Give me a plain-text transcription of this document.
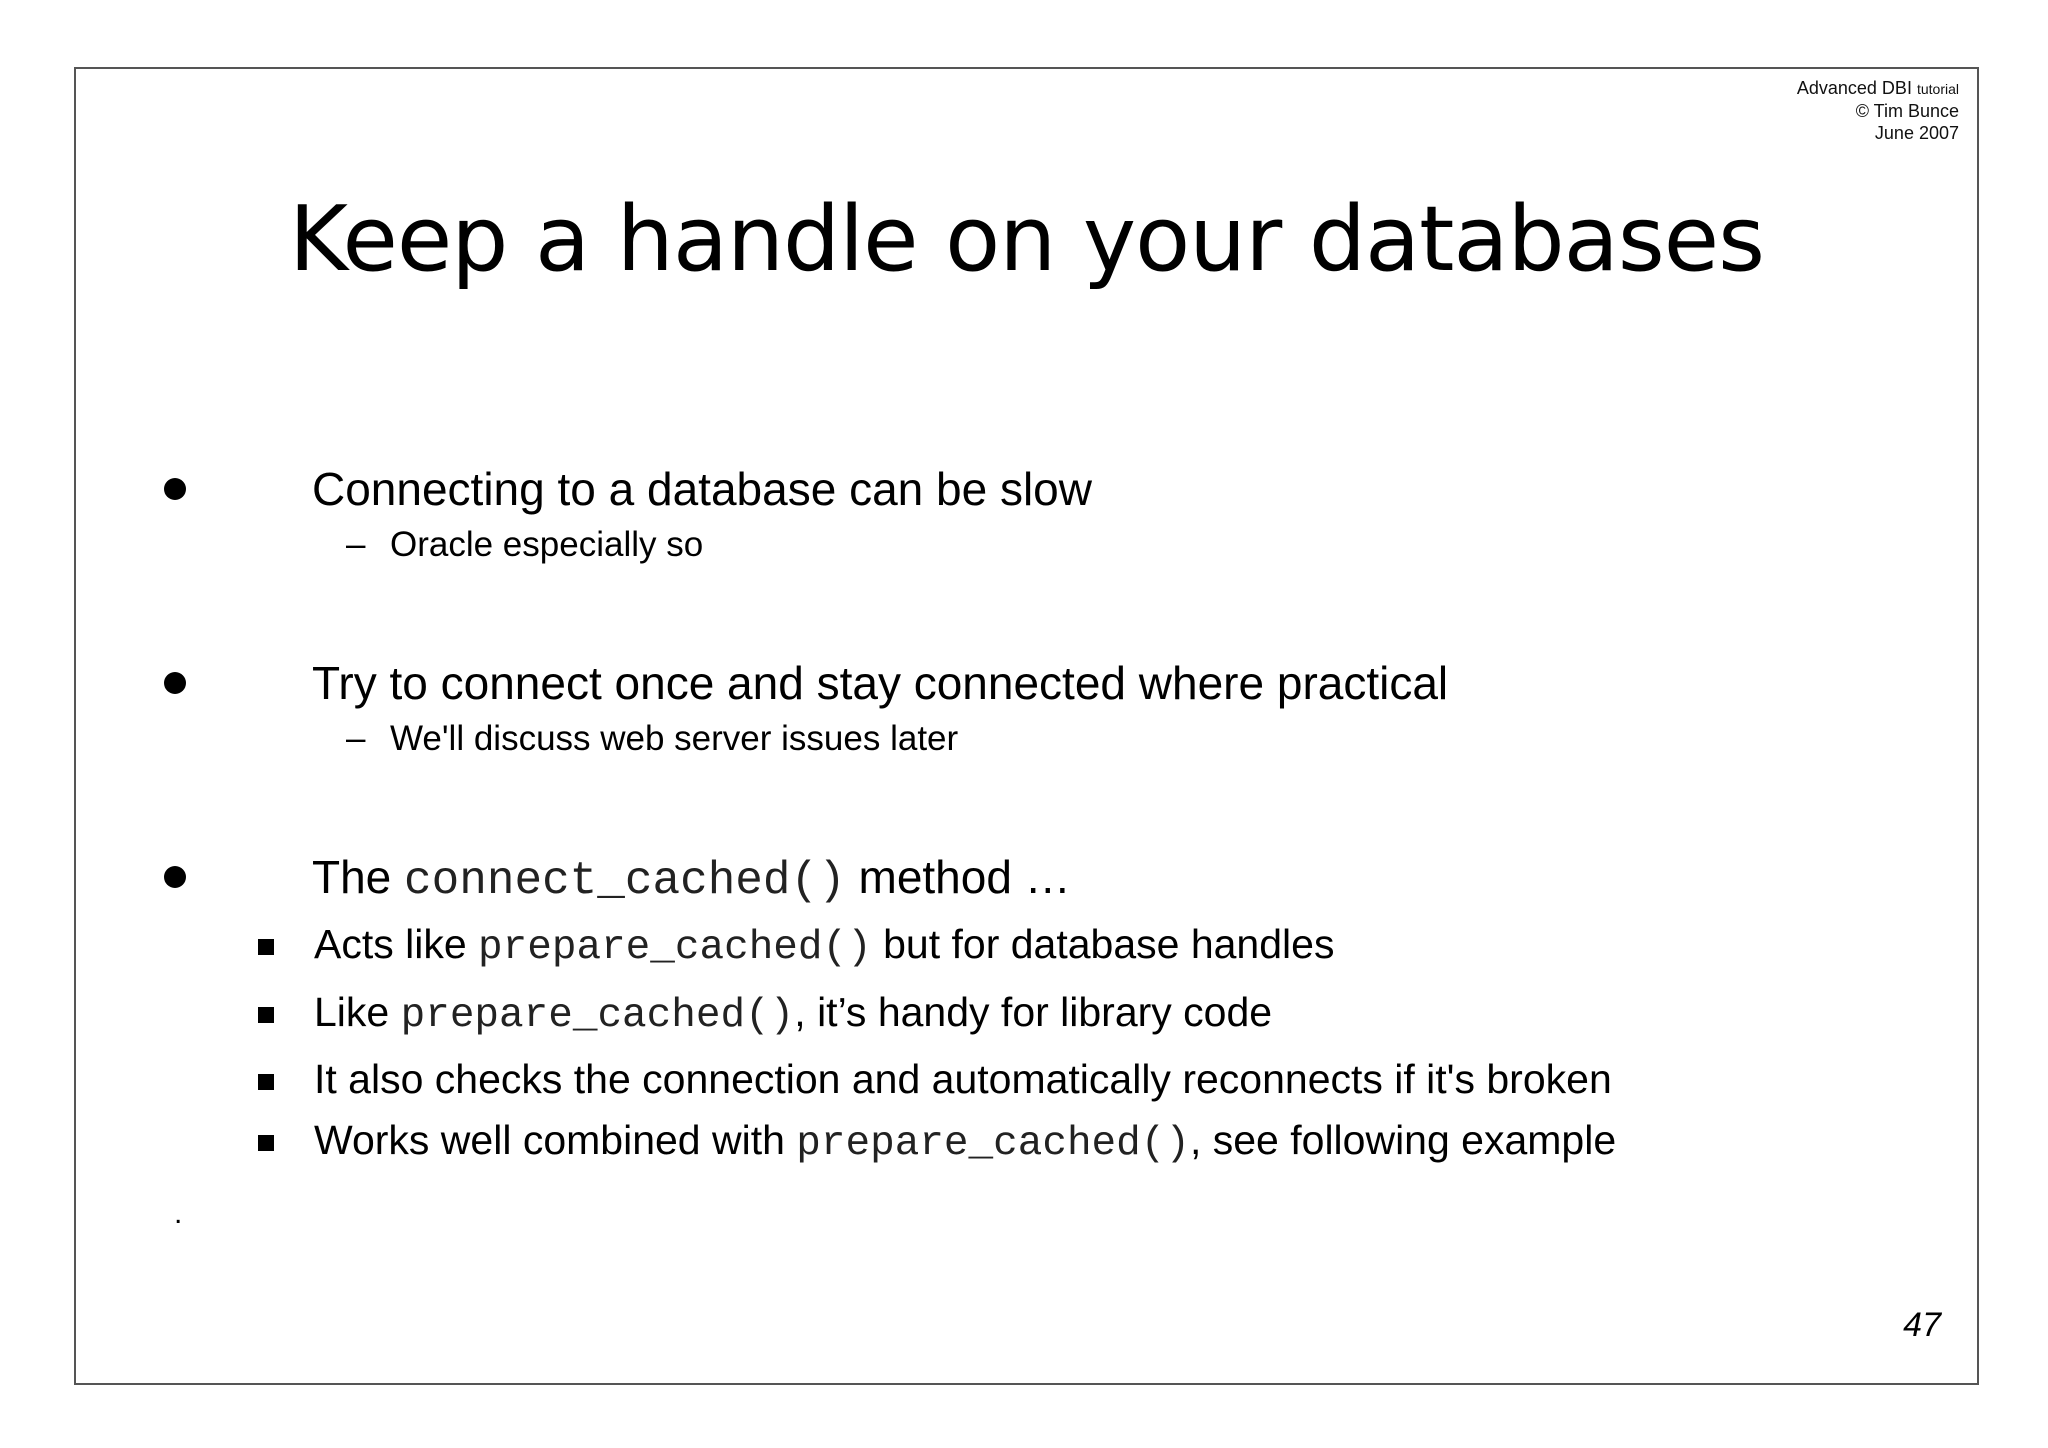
Advanced DBI tutorial
© Tim Bunce
June 2007
Keep a handle on your databases
Connecting to a database can be slow
– Oracle especially so
Try to connect once and stay connected where practical
– We'll discuss web server issues later
The connect_cached() method …
Acts like prepare_cached() but for database handles
Like prepare_cached(), it’s handy for library code
It also checks the connection and automatically reconnects if it's broken
Works well combined with prepare_cached(), see following example
.
47
